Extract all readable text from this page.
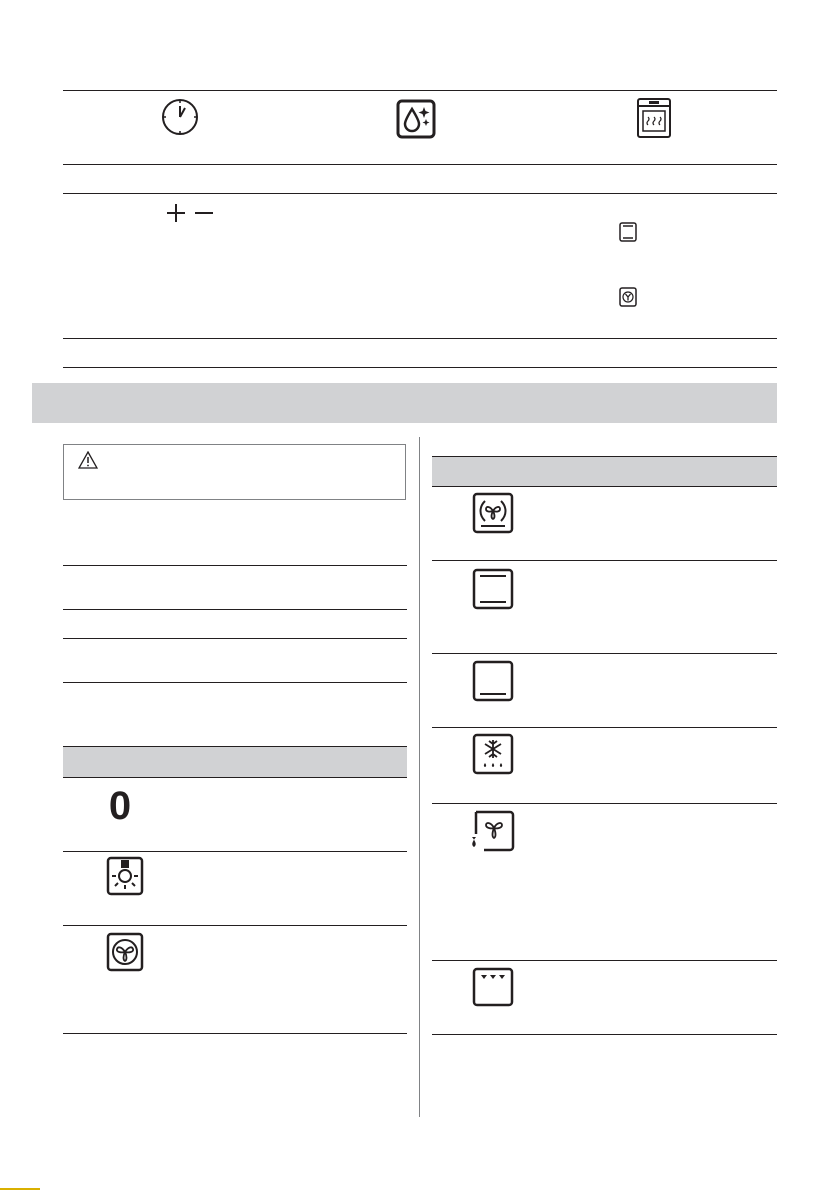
0
